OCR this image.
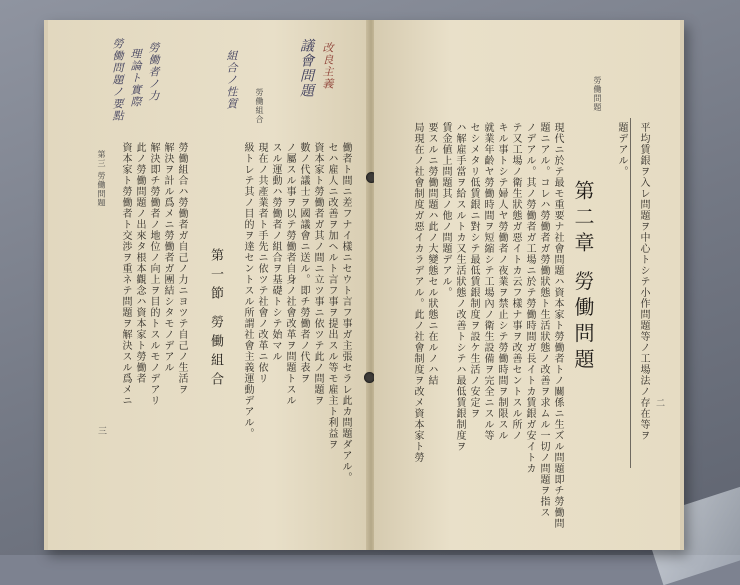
勞働組合
勞働問題ノ要點 理論ト實際 勞働者ノ力	組合ノ性質	改良主義
議會問題
働者ト間ニ差フナイ樣ニセウト言フ事ガ主張セラレ此カ問題ダアル。
セハ雇人ニ改善ヲ加ヘルト言フ事ヲ提出スル等モ雇主ト利益ヲ
資本家ト勞働者ガ其ノ間ニ立ツ事ニ依ツテ此ノ問題ヲ
數ノ代議士ヲ國議會ニ送ル。即チ勞働者ノ代表ヲ
ノ屬スル事ヲ以テ勞働者自身ノ社會改革ヲ問題トスル
スル運動ハ勞働者ノ組合ヲ基礎トシテ始マル
現在ノ共產業者ト手先ニ依ツテ社會ノ改革ニ依リ
級トレテ其ノ目的ヲ達セントスル所謂社會主義運動デアル。
第一節 勞働組合
勞働組合ハ勞働者ガ自己ノ力ニヨツテ自己ノ生活ヲ
解決ヲ計ル爲メニ勞働者ガ團結シタモノデアル
解決即チ勞働者ノ地位ノ向上ヲ目的トスルモノデアリ
此ノ勞働問題ノ出來タ根本觀念ハ資本家ト勞働者
資本家ト勞働者ト交渉ヲ重ネテ問題ヲ解決スル爲メニ
第三 勞働問題
三
勞働問題
平均賃銀ヲ入レ問題ヲ中心トシテ小作問題等ノ工場法ノ存在等ヲ
題デアル。
第二章 勞働問題
現代ニ於テ最モ重要ナ社會問題ハ資本家ト勞働者トノ關係ニ生ズル問題即チ勞働問
題ニアル。コレハ勞働者ガ勞働狀態ト生活狀態ノ改善ヲ求ムル一切ノ問題ヲ指ス
ノデアル。其ノ勞働者ガ工場ニ於テ勞働時間ガ長イトカ賃銀ガ安イトカ
テ又工場ノ衛生狀態ガ惡イトカ云フ樣ナ事ヲ改善セントスル所ノ
キル事トシテ婦人ヤ勞働者ノ夜業ヲ禁止シテ勞働時間ヲ制限スル
就業年齡ヤ勞働時間ヲ短縮シテ工場內ノ衛生設備ヲ完全ニスル等
セシメタリ低賃銀ニ對シテ最低賃銀制度ヲ設ケ生活ノ安定ヲ
ハ解雇手當ヲ給スルトカ又生活狀態ノ改善トシテハ最低賃銀制度ヲ
賃金値上問題其ノ他ノ問題デアル。
要スルニ勞働問題ハ此ノ大變態セル狀態ニ在ルノハ結
局現在ノ社會制度ガ惡イカラデアル。此ノ社會制度ヲ改メ資本家ト勞	二
